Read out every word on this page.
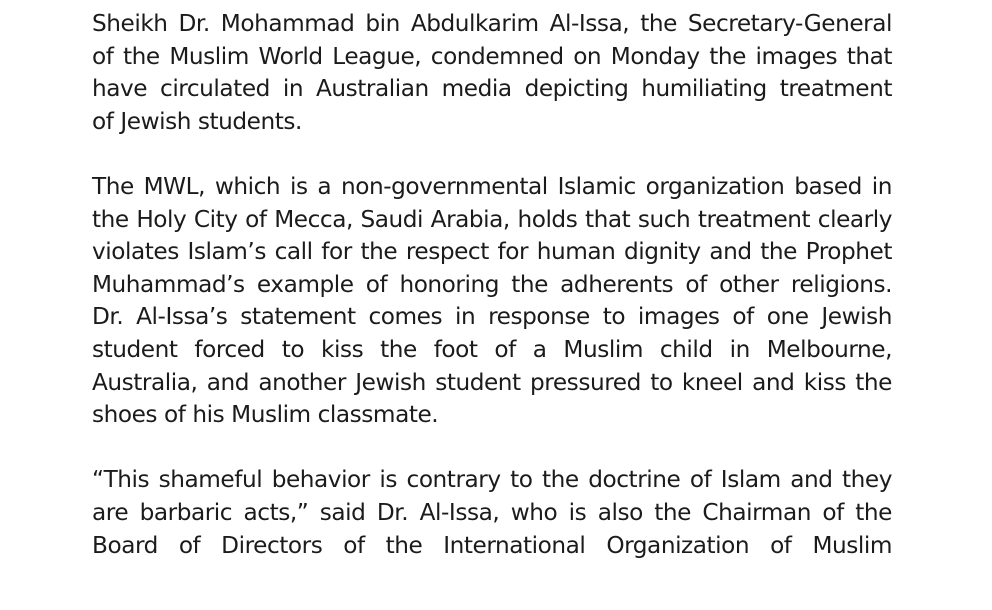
Sheikh Dr. Mohammad bin Abdulkarim Al-Issa, the Secretary-General
of the Muslim World League, condemned on Monday the images that
have circulated in Australian media depicting humiliating treatment
of Jewish students.

The MWL, which is a non-governmental Islamic organization based in
the Holy City of Mecca, Saudi Arabia, holds that such treatment clearly
violates Islam’s call for the respect for human dignity and the Prophet
Muhammad’s example of honoring the adherents of other religions.
Dr. Al-Issa’s statement comes in response to images of one Jewish
student forced to kiss the foot of a Muslim child in Melbourne,
Australia, and another Jewish student pressured to kneel and kiss the
shoes of his Muslim classmate.

“This shameful behavior is contrary to the doctrine of Islam and they
are barbaric acts,” said Dr. Al-Issa, who is also the Chairman of the
Board of Directors of the International Organization of Muslim
